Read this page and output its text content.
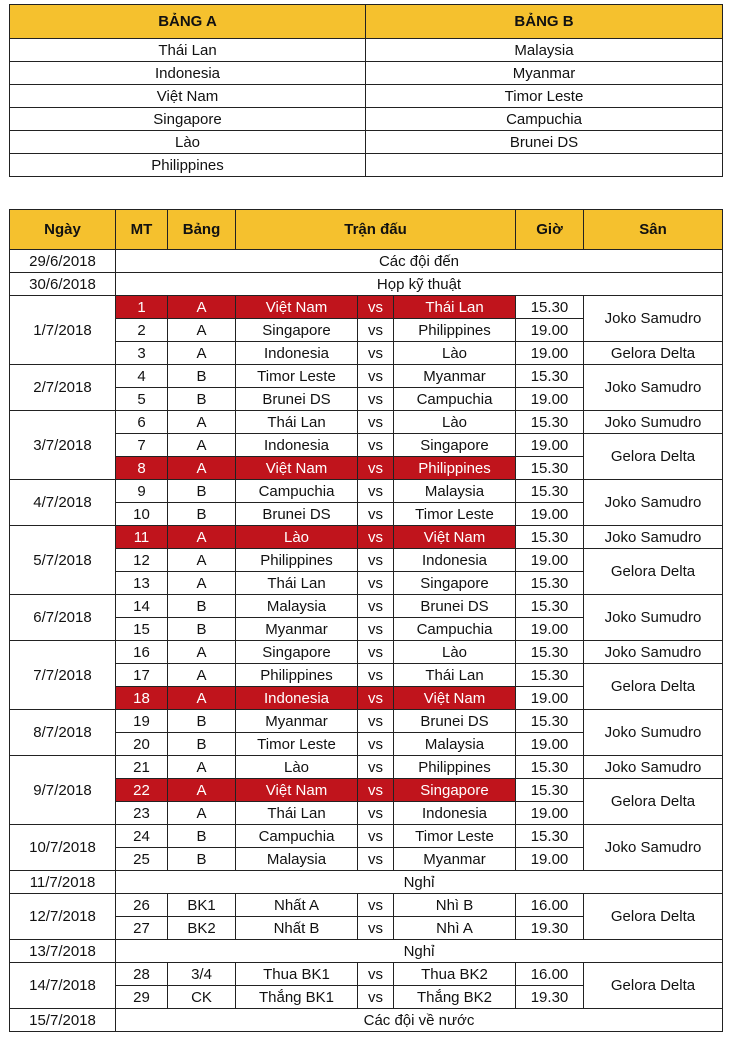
BẢNG A	BẢNG B
Thái Lan	Malaysia
Indonesia	Myanmar
Việt Nam	Timor Leste
Singapore	Campuchia
Lào	Brunei DS
Philippines	
Ngày	MT	Bảng	Trận đấu			Giờ	Sân
29/6/2018	Các đội đến						
30/6/2018	Họp kỹ thuật						
1/7/2018	1	A	Việt Nam	vs	Thái Lan	15.30	Joko Samudro
	2	A	Singapore	vs	Philippines	19.00	
	3	A	Indonesia	vs	Lào	19.00	Gelora Delta
2/7/2018	4	B	Timor Leste	vs	Myanmar	15.30	Joko Samudro
	5	B	Brunei DS	vs	Campuchia	19.00	
3/7/2018	6	A	Thái Lan	vs	Lào	15.30	Joko Sumudro
	7	A	Indonesia	vs	Singapore	19.00	Gelora Delta
	8	A	Việt Nam	vs	Philippines	15.30	
4/7/2018	9	B	Campuchia	vs	Malaysia	15.30	Joko Samudro
	10	B	Brunei DS	vs	Timor Leste	19.00	
5/7/2018	11	A	Lào	vs	Việt Nam	15.30	Joko Samudro
	12	A	Philippines	vs	Indonesia	19.00	Gelora Delta
	13	A	Thái Lan	vs	Singapore	15.30	
6/7/2018	14	B	Malaysia	vs	Brunei DS	15.30	Joko Sumudro
	15	B	Myanmar	vs	Campuchia	19.00	
7/7/2018	16	A	Singapore	vs	Lào	15.30	Joko Samudro
	17	A	Philippines	vs	Thái Lan	15.30	Gelora Delta
	18	A	Indonesia	vs	Việt Nam	19.00	
8/7/2018	19	B	Myanmar	vs	Brunei DS	15.30	Joko Sumudro
	20	B	Timor Leste	vs	Malaysia	19.00	
9/7/2018	21	A	Lào	vs	Philippines	15.30	Joko Samudro
	22	A	Việt Nam	vs	Singapore	15.30	Gelora Delta
	23	A	Thái Lan	vs	Indonesia	19.00	
10/7/2018	24	B	Campuchia	vs	Timor Leste	15.30	Joko Samudro
	25	B	Malaysia	vs	Myanmar	19.00	
11/7/2018	Nghỉ						
12/7/2018	26	BK1	Nhất A	vs	Nhì B	16.00	Gelora Delta
	27	BK2	Nhất B	vs	Nhì A	19.30	
13/7/2018	Nghỉ						
14/7/2018	28	3/4	Thua BK1	vs	Thua BK2	16.00	Gelora Delta
	29	CK	Thắng BK1	vs	Thắng BK2	19.30	
15/7/2018	Các đội về nước						
